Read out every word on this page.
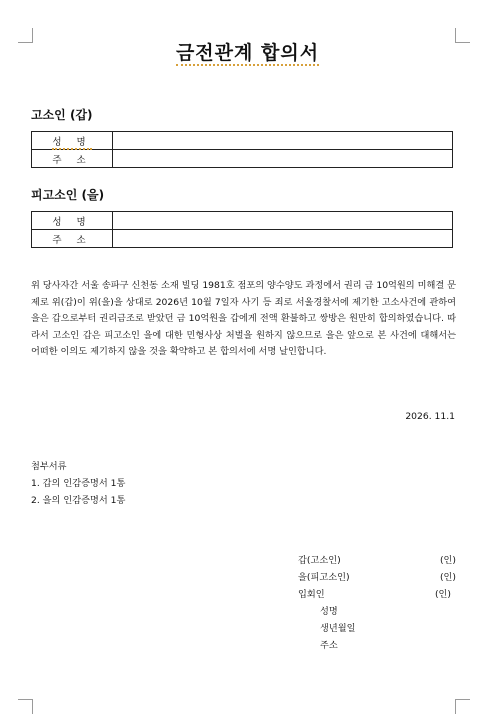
금전관계 합의서
고소인 (갑)
성 명	
주 소	
피고소인 (을)
성 명	
주 소	
위 당사자간 서울 송파구 신천동 소재 빌딩 1981호 점포의 양수양도 과정에서 권리 금 10억원의 미해결 문제로 위(갑)이 위(을)을 상대로 2026년 10월 7일자 사기 등 죄로 서울경찰서에 제기한 고소사건에 관하여 을은 갑으로부터 권리금조로 받았던 금 10억원을 갑에게 전액 환불하고 쌍방은 원만히 합의하였습니다. 따라서 고소인 갑은 피고소인 을에 대한 민형사상 처벌을 원하지 않으므로 을은 앞으로 본 사건에 대해서는 어떠한 이의도 제기하지 않을 것을 확약하고 본 합의서에 서명 날인합니다.
2026. 11.1
첨부서류
1. 갑의 인감증명서 1통
2. 을의 인감증명서 1통
갑(고소인)	(인)
을(피고소인)	(인)
입회인	(인)
성명
생년월일
주소
